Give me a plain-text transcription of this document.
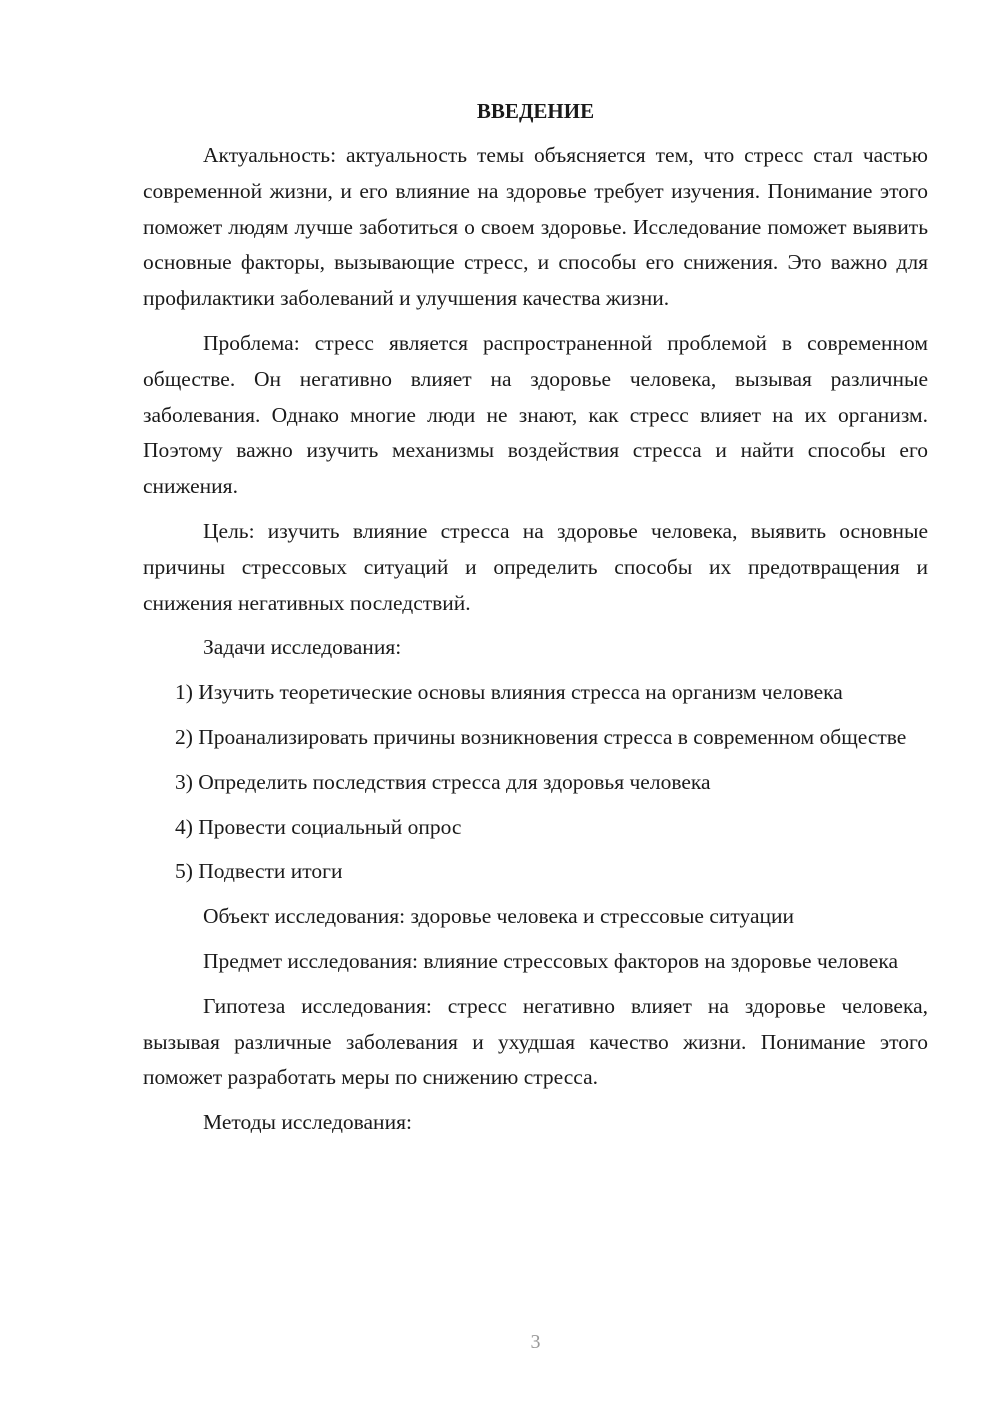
ВВЕДЕНИЕ

Актуальность: актуальность темы объясняется тем, что стресс стал частью современной жизни, и его влияние на здоровье требует изучения. Понимание этого поможет людям лучше заботиться о своем здоровье. Исследование поможет выявить основные факторы, вызывающие стресс, и способы его снижения. Это важно для профилактики заболеваний и улучшения качества жизни.

Проблема: стресс является распространенной проблемой в современном обществе. Он негативно влияет на здоровье человека, вызывая различные заболевания. Однако многие люди не знают, как стресс влияет на их организм. Поэтому важно изучить механизмы воздействия стресса и найти способы его снижения.

Цель: изучить влияние стресса на здоровье человека, выявить основные причины стрессовых ситуаций и определить способы их предотвращения и снижения негативных последствий.

Задачи исследования:

1) Изучить теоретические основы влияния стресса на организм человека

2) Проанализировать причины возникновения стресса в современном обществе

3) Определить последствия стресса для здоровья человека

4) Провести социальный опрос

5) Подвести итоги

Объект исследования: здоровье человека и стрессовые ситуации

Предмет исследования: влияние стрессовых факторов на здоровье человека

Гипотеза исследования: стресс негативно влияет на здоровье человека, вызывая различные заболевания и ухудшая качество жизни. Понимание этого поможет разработать меры по снижению стресса.

Методы исследования:

3
